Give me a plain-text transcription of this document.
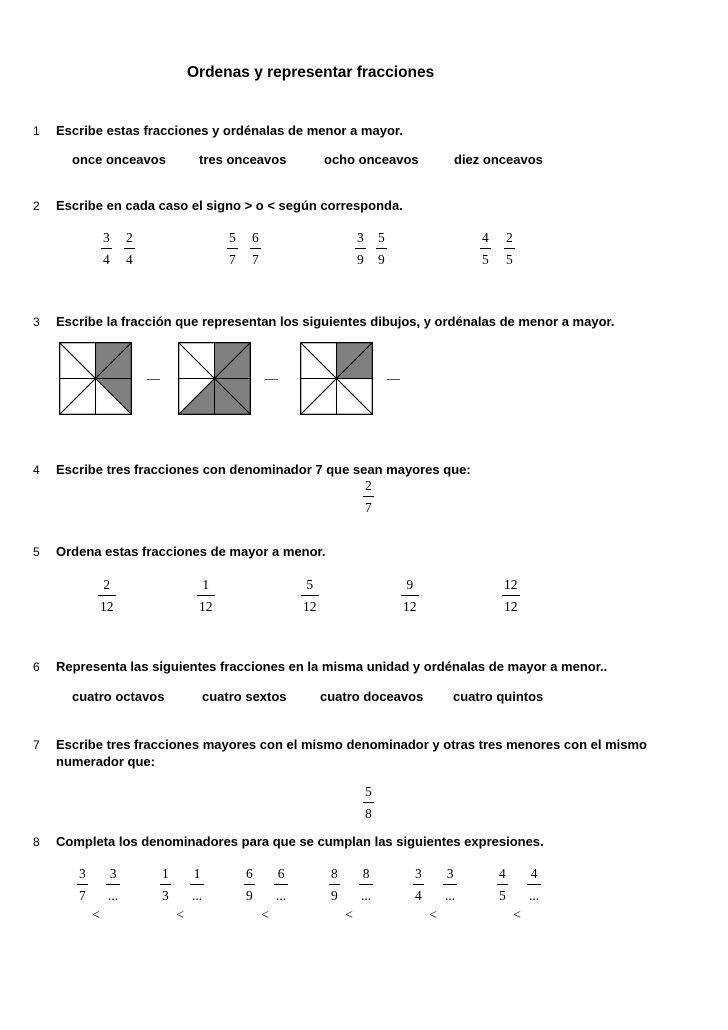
Ordenas y representar fracciones
1 Escribe estas fracciones y ordénalas de menor a mayor.
once onceavos	tres onceavos	ocho onceavos	diez onceavos
2 Escribe en cada caso el signo > o < según corresponda.
3
4
2
4
5
7
6
7
3
9
5
9
4
5
2
5
3 Escribe la fracción que representan los siguientes dibujos, y ordénalas de menor a mayor.
4 Escribe tres fracciones con denominador 7 que sean mayores que:
2
7
5 Ordena estas fracciones de mayor a menor.
2
12
1
12
5
12
9
12
12
12
6 Representa las siguientes fracciones en la misma unidad y ordénalas de mayor a menor..
cuatro octavos	cuatro sextos	cuatro doceavos cuatro quintos
7 Escribe tres fracciones mayores con el mismo denominador y otras tres menores con el mismo
numerador que:
5
8
8 Completa los denominadores para que se cumplan las siguientes expresiones.
3
7
3
...
<
1
3
1
...
<
6
9
6
...
<
8
9
8
...
<
3
4
3
...
<
4
5
4
...
<
